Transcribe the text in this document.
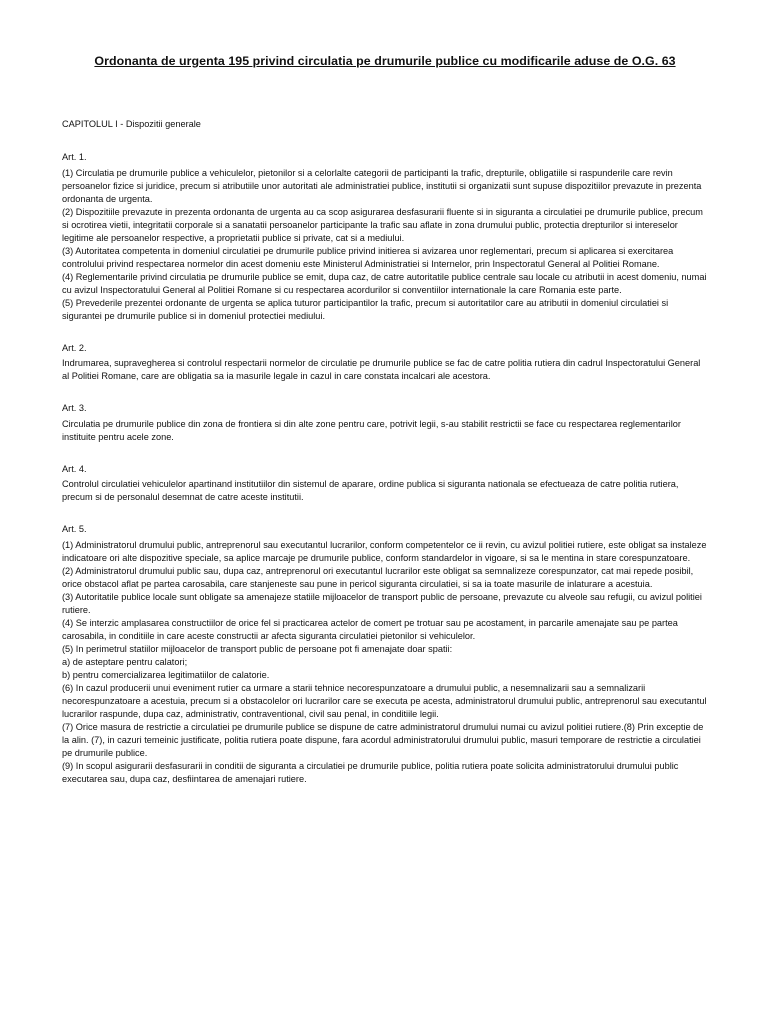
Ordonanta de urgenta 195 privind circulatia pe drumurile publice cu modificarile aduse de O.G. 63
CAPITOLUL I - Dispozitii generale
Art. 1.

(1) Circulatia pe drumurile publice a vehiculelor, pietonilor si a celorlalte categorii de participanti la trafic, drepturile, obligatiile si raspunderile care revin persoanelor fizice si juridice, precum si atributiile unor autoritati ale administratiei publice, institutii si organizatii sunt supuse dispozitiilor prevazute in prezenta ordonanta de urgenta.

(2) Dispozitiile prevazute in prezenta ordonanta de urgenta au ca scop asigurarea desfasurarii fluente si in siguranta a circulatiei pe drumurile publice, precum si ocrotirea vietii, integritatii corporale si a sanatatii persoanelor participante la trafic sau aflate in zona drumului public, protectia drepturilor si intereselor legitime ale persoanelor respective, a proprietatii publice si private, cat si a mediului.

(3) Autoritatea competenta in domeniul circulatiei pe drumurile publice privind initierea si avizarea unor reglementari, precum si aplicarea si exercitarea controlului privind respectarea normelor din acest domeniu este Ministerul Administratiei si Internelor, prin Inspectoratul General al Politiei Romane.

(4) Reglementarile privind circulatia pe drumurile publice se emit, dupa caz, de catre autoritatile publice centrale sau locale cu atributii in acest domeniu, numai cu avizul Inspectoratului General al Politiei Romane si cu respectarea acordurilor si conventiilor internationale la care Romania este parte.

(5) Prevederile prezentei ordonante de urgenta se aplica tuturor participantilor la trafic, precum si autoritatilor care au atributii in domeniul circulatiei si sigurantei pe drumurile publice si in domeniul protectiei mediului.

Art. 2.

Indrumarea, supravegherea si controlul respectarii normelor de circulatie pe drumurile publice se fac de catre politia rutiera din cadrul Inspectoratului General al Politiei Romane, care are obligatia sa ia masurile legale in cazul in care constata incalcari ale acestora.

Art. 3.

Circulatia pe drumurile publice din zona de frontiera si din alte zone pentru care, potrivit legii, s-au stabilit restrictii se face cu respectarea reglementarilor instituite pentru acele zone.

Art. 4.

Controlul circulatiei vehiculelor apartinand institutiilor din sistemul de aparare, ordine publica si siguranta nationala se efectueaza de catre politia rutiera, precum si de personalul desemnat de catre aceste institutii.

Art. 5.

(1) Administratorul drumului public, antreprenorul sau executantul lucrarilor, conform competentelor ce ii revin, cu avizul politiei rutiere, este obligat sa instaleze indicatoare ori alte dispozitive speciale, sa aplice marcaje pe drumurile publice, conform standardelor in vigoare, si sa le mentina in stare corespunzatoare.

(2) Administratorul drumului public sau, dupa caz, antreprenorul ori executantul lucrarilor este obligat sa semnalizeze corespunzator, cat mai repede posibil, orice obstacol aflat pe partea carosabila, care stanjeneste sau pune in pericol siguranta circulatiei, si sa ia toate masurile de inlaturare a acestuia.

(3) Autoritatile publice locale sunt obligate sa amenajeze statiile mijloacelor de transport public de persoane, prevazute cu alveole sau refugii, cu avizul politiei rutiere.

(4) Se interzic amplasarea constructiilor de orice fel si practicarea actelor de comert pe trotuar sau pe acostament, in parcarile amenajate sau pe partea carosabila, in conditiile in care aceste constructii ar afecta siguranta circulatiei pietonilor si vehiculelor.

(5) In perimetrul statiilor mijloacelor de transport public de persoane pot fi amenajate doar spatii:

a) de asteptare pentru calatori;

b) pentru comercializarea legitimatiilor de calatorie.

(6) In cazul producerii unui eveniment rutier ca urmare a starii tehnice necorespunzatoare a drumului public, a nesemnalizarii sau a semnalizarii necorespunzatoare a acestuia, precum si a obstacolelor ori lucrarilor care se executa pe acesta, administratorul drumului public, antreprenorul sau executantul lucrarilor raspunde, dupa caz, administrativ, contraventional, civil sau penal, in conditiile legii.

(7) Orice masura de restrictie a circulatiei pe drumurile publice se dispune de catre administratorul drumului numai cu avizul politiei rutiere.(8) Prin exceptie de la alin. (7), in cazuri temeinic justificate, politia rutiera poate dispune, fara acordul administratorului drumului public, masuri temporare de restrictie a circulatiei pe drumurile publice.

(9) In scopul asigurarii desfasurarii in conditii de siguranta a circulatiei pe drumurile publice, politia rutiera poate solicita administratorului drumului public executarea sau, dupa caz, desfiintarea de amenajari rutiere.
